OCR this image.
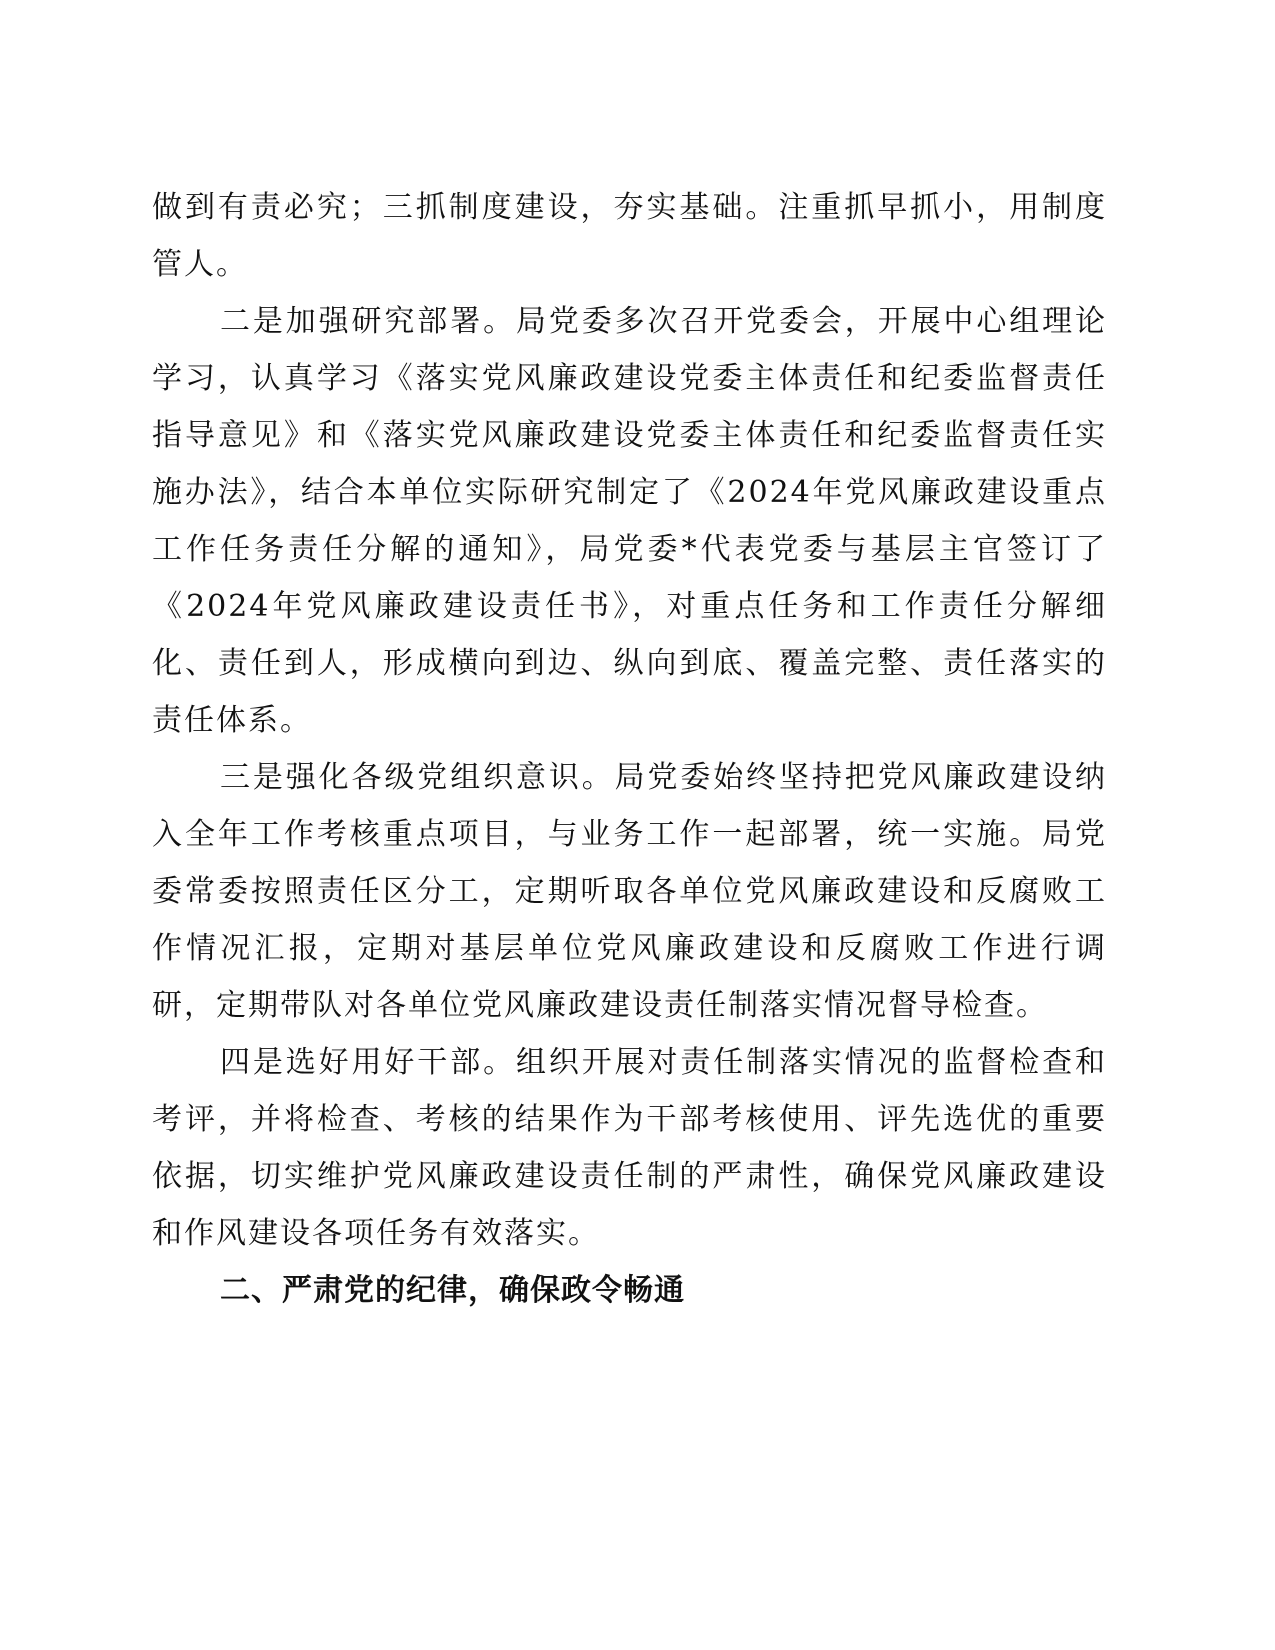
做到有责必究；三抓制度建设，夯实基础。注重抓早抓小，用制度管人。

二是加强研究部署。局党委多次召开党委会，开展中心组理论学习，认真学习《落实党风廉政建设党委主体责任和纪委监督责任指导意见》和《落实党风廉政建设党委主体责任和纪委监督责任实施办法》，结合本单位实际研究制定了《2024年党风廉政建设重点工作任务责任分解的通知》，局党委*代表党委与基层主官签订了《2024年党风廉政建设责任书》，对重点任务和工作责任分解细化、责任到人，形成横向到边、纵向到底、覆盖完整、责任落实的责任体系。

三是强化各级党组织意识。局党委始终坚持把党风廉政建设纳入全年工作考核重点项目，与业务工作一起部署，统一实施。局党委常委按照责任区分工，定期听取各单位党风廉政建设和反腐败工作情况汇报，定期对基层单位党风廉政建设和反腐败工作进行调研，定期带队对各单位党风廉政建设责任制落实情况督导检查。

四是选好用好干部。组织开展对责任制落实情况的监督检查和考评，并将检查、考核的结果作为干部考核使用、评先选优的重要依据，切实维护党风廉政建设责任制的严肃性，确保党风廉政建设和作风建设各项任务有效落实。

二、严肃党的纪律，确保政令畅通
